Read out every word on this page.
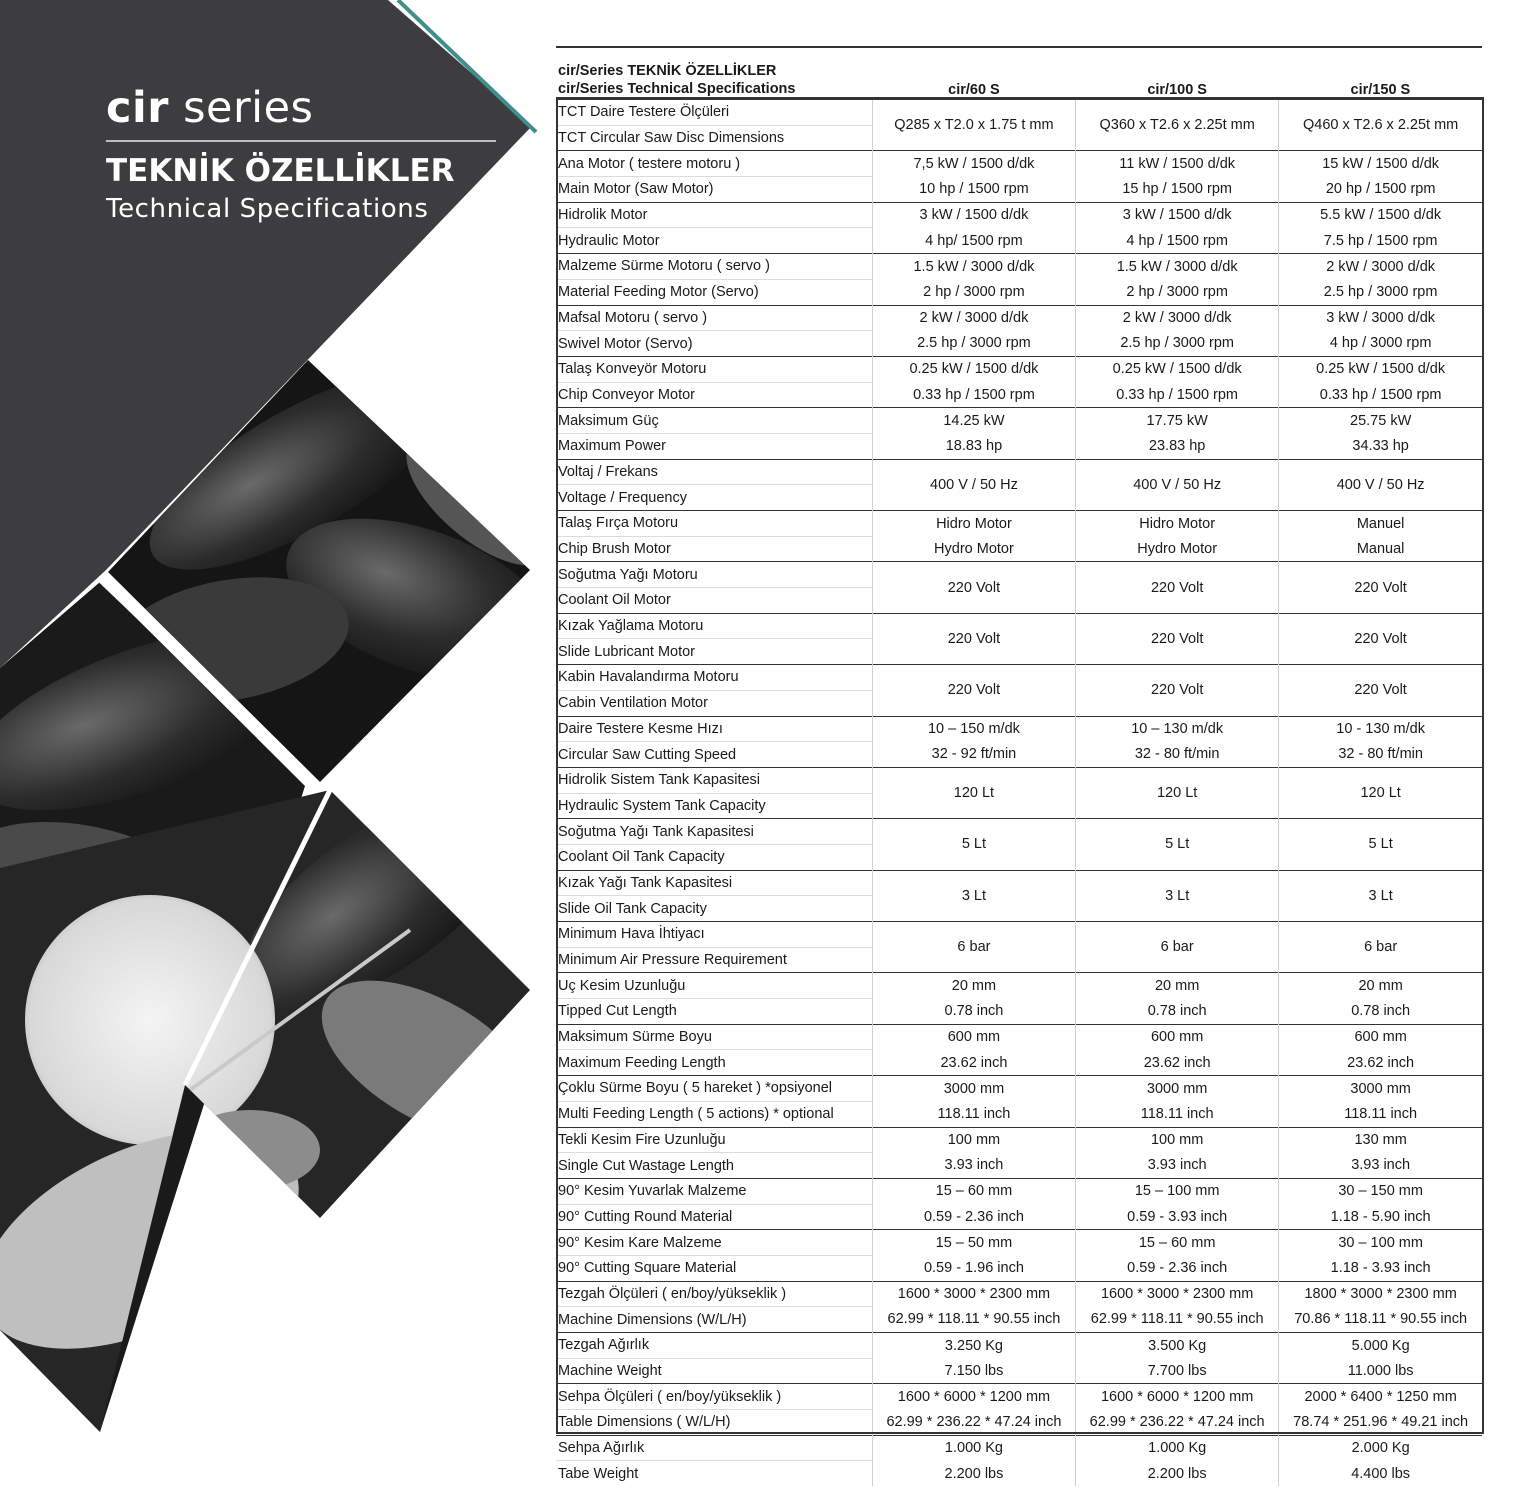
cir series
TEKNİK ÖZELLİKLER
Technical Specifications
cir/Series TEKNİK ÖZELLİKLER
cir/Series Technical Specifications	cir/60 S	cir/100 S	cir/150 S
TCT Daire Testere Ölçüleri	Q285 x T2.0 x 1.75 t mm	Q360 x T2.6 x 2.25t mm	Q460 x T2.6 x 2.25t mm
TCT Circular Saw Disc Dimensions			
Ana Motor ( testere motoru )	7,5 kW / 1500 d/dk	11 kW / 1500 d/dk	15 kW / 1500 d/dk
Main Motor (Saw Motor)	10 hp / 1500 rpm	15 hp / 1500 rpm	20 hp / 1500 rpm
Hidrolik Motor	3 kW / 1500 d/dk	3 kW / 1500 d/dk	5.5 kW / 1500 d/dk
Hydraulic Motor	4 hp/ 1500 rpm	4 hp / 1500 rpm	7.5 hp / 1500 rpm
Malzeme Sürme Motoru ( servo )	1.5 kW / 3000 d/dk	1.5 kW / 3000 d/dk	2 kW / 3000 d/dk
Material Feeding Motor (Servo)	2 hp / 3000 rpm	2 hp / 3000 rpm	2.5 hp / 3000 rpm
Mafsal Motoru ( servo )	2 kW / 3000 d/dk	2 kW / 3000 d/dk	3 kW / 3000 d/dk
Swivel Motor (Servo)	2.5 hp / 3000 rpm	2.5 hp / 3000 rpm	4 hp / 3000 rpm
Talaş Konveyör Motoru	0.25 kW / 1500 d/dk	0.25 kW / 1500 d/dk	0.25 kW / 1500 d/dk
Chip Conveyor Motor	0.33 hp / 1500 rpm	0.33 hp / 1500 rpm	0.33 hp / 1500 rpm
Maksimum Güç	14.25 kW	17.75 kW	25.75 kW
Maximum Power	18.83 hp	23.83 hp	34.33 hp
Voltaj / Frekans	400 V / 50 Hz	400 V / 50 Hz	400 V / 50 Hz
Voltage / Frequency			
Talaş Fırça Motoru	Hidro Motor	Hidro Motor	Manuel
Chip Brush Motor	Hydro Motor	Hydro Motor	Manual
Soğutma Yağı Motoru	220 Volt	220 Volt	220 Volt
Coolant Oil Motor			
Kızak Yağlama Motoru	220 Volt	220 Volt	220 Volt
Slide Lubricant Motor			
Kabin Havalandırma Motoru	220 Volt	220 Volt	220 Volt
Cabin Ventilation Motor			
Daire Testere Kesme Hızı	10 – 150 m/dk	10 – 130 m/dk	10 - 130 m/dk
Circular Saw Cutting Speed	32 - 92 ft/min	32 - 80 ft/min	32 - 80 ft/min
Hidrolik Sistem Tank Kapasitesi	120 Lt	120 Lt	120 Lt
Hydraulic System Tank Capacity			
Soğutma Yağı Tank Kapasitesi	5 Lt	5 Lt	5 Lt
Coolant Oil Tank Capacity			
Kızak Yağı Tank Kapasitesi	3 Lt	3 Lt	3 Lt
Slide Oil Tank Capacity			
Minimum Hava İhtiyacı	6 bar	6 bar	6 bar
Minimum Air Pressure Requirement			
Uç Kesim Uzunluğu	20 mm	20 mm	20 mm
Tipped Cut Length	0.78 inch	0.78 inch	0.78 inch
Maksimum Sürme Boyu	600 mm	600 mm	600 mm
Maximum Feeding Length	23.62 inch	23.62 inch	23.62 inch
Çoklu Sürme Boyu ( 5 hareket ) *opsiyonel	3000 mm	3000 mm	3000 mm
Multi Feeding Length ( 5 actions) * optional	118.11 inch	118.11 inch	118.11 inch
Tekli Kesim Fire Uzunluğu	100 mm	100 mm	130 mm
Single Cut Wastage Length	3.93 inch	3.93 inch	3.93 inch
90° Kesim Yuvarlak Malzeme	15 – 60 mm	15 – 100 mm	30 – 150 mm
90° Cutting Round Material	0.59 - 2.36 inch	0.59 - 3.93 inch	1.18 - 5.90 inch
90° Kesim Kare Malzeme	15 – 50 mm	15 – 60 mm	30 – 100 mm
90° Cutting Square Material	0.59 - 1.96 inch	0.59 - 2.36 inch	1.18 - 3.93 inch
Tezgah Ölçüleri ( en/boy/yükseklik )	1600 * 3000 * 2300 mm	1600 * 3000 * 2300 mm	1800 * 3000 * 2300 mm
Machine Dimensions (W/L/H)	62.99 * 118.11 * 90.55 inch	62.99 * 118.11 * 90.55 inch	70.86 * 118.11 * 90.55 inch
Tezgah Ağırlık	3.250 Kg	3.500 Kg	5.000 Kg
Machine Weight	7.150 lbs	7.700 lbs	11.000 lbs
Sehpa Ölçüleri ( en/boy/yükseklik )	1600 * 6000 * 1200 mm	1600 * 6000 * 1200 mm	2000 * 6400 * 1250 mm
Table Dimensions ( W/L/H)	62.99 * 236.22 * 47.24 inch	62.99 * 236.22 * 47.24 inch	78.74 * 251.96 * 49.21 inch
Sehpa Ağırlık	1.000 Kg	1.000 Kg	2.000 Kg
Tabe Weight	2.200 lbs	2.200 lbs	4.400 lbs
